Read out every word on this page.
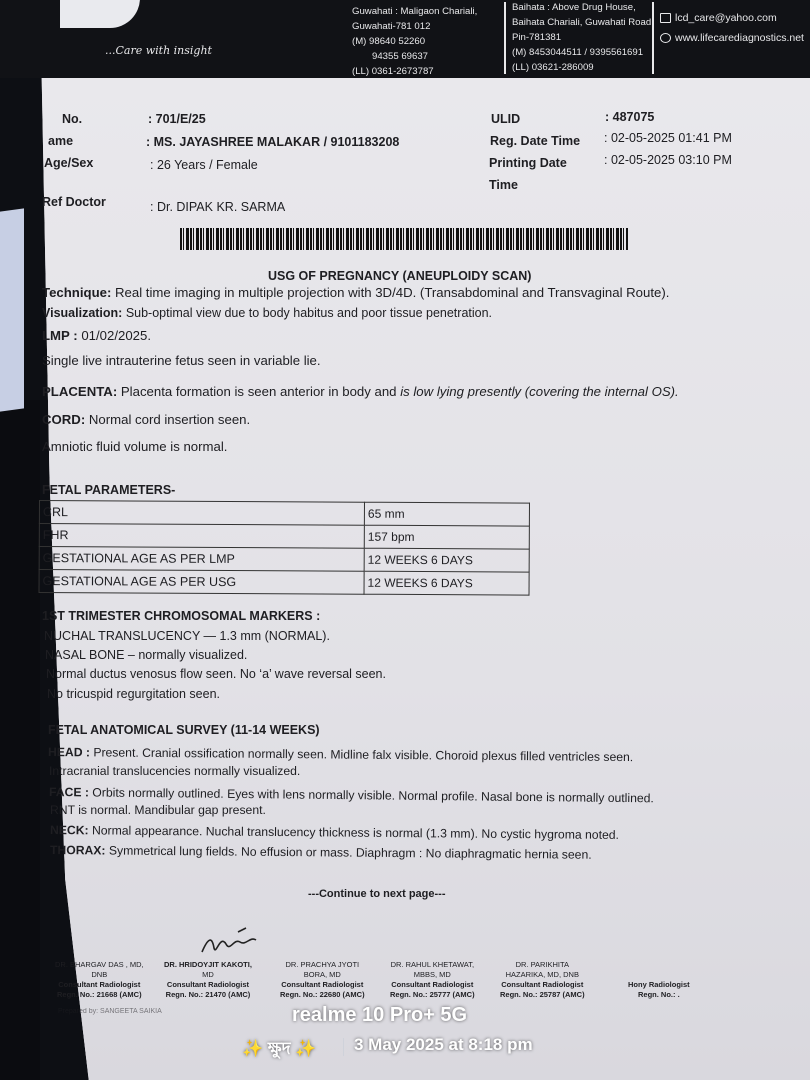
...Care with insight
Guwahati : Maligaon Chariali,
Guwahati-781 012
(M) 98640 52260
94355 69637
(LL) 0361-2673787
Baihata : Above Drug House,
Baihata Chariali, Guwahati Road
Pin-781381
(M) 8453044511 / 9395561691
(LL) 03621-286009
lcd_care@yahoo.com
www.lifecarediagnostics.net
No.	: 701/E/25
ame	: MS. JAYASHREE MALAKAR / 9101183208
Age/Sex	: 26 Years / Female
Ref Doctor	: Dr. DIPAK KR. SARMA
ULID	: 487075
Reg. Date Time : 02-05-2025 01:41 PM
Printing Date	: 02-05-2025 03:10 PM
Time
USG OF PREGNANCY (ANEUPLOIDY SCAN)
Technique: Real time imaging in multiple projection with 3D/4D. (Transabdominal and Transvaginal Route).
Visualization: Sub-optimal view due to body habitus and poor tissue penetration.
LMP : 01/02/2025.
Single live intrauterine fetus seen in variable lie.
PLACENTA: Placenta formation is seen anterior in body and is low lying presently (covering the internal OS).
CORD: Normal cord insertion seen.
Amniotic fluid volume is normal.
FETAL PARAMETERS-
CRL	65 mm
FHR	157 bpm
GESTATIONAL AGE AS PER LMP	12 WEEKS 6 DAYS
GESTATIONAL AGE AS PER USG	12 WEEKS 6 DAYS
1ST TRIMESTER CHROMOSOMAL MARKERS :
NUCHAL TRANSLUCENCY — 1.3 mm (NORMAL).
NASAL BONE – normally visualized.
Normal ductus venosus flow seen. No ‘a’ wave reversal seen.
No tricuspid regurgitation seen.
FETAL ANATOMICAL SURVEY (11-14 WEEKS)
HEAD : Present. Cranial ossification normally seen. Midline falx visible. Choroid plexus filled ventricles seen.
Intracranial translucencies normally visualized.
FACE : Orbits normally outlined. Eyes with lens normally visible. Normal profile. Nasal bone is normally outlined.
RNT is normal. Mandibular gap present.
NECK: Normal appearance. Nuchal translucency thickness is normal (1.3 mm). No cystic hygroma noted.
THORAX: Symmetrical lung fields. No effusion or mass. Diaphragm : No diaphragmatic hernia seen.
---Continue to next page---
DR. BHARGAV DAS , MD,
DNB
Consultant Radiologist
Regn. No.: 21668 (AMC)
DR. HRIDOYJIT KAKOTI,
MD
Consultant Radiologist
Regn. No.: 21470 (AMC)
DR. PRACHYA JYOTI
BORA, MD
Consultant Radiologist
Regn. No.: 22680 (AMC)
DR. RAHUL KHETAWAT,
MBBS, MD
Consultant Radiologist
Regn. No.: 25777 (AMC)
DR. PARIKHITA
HAZARIKA, MD, DNB
Consultant Radiologist
Regn. No.: 25787 (AMC)
Hony Radiologist
Regn. No.: .
Prepared by: SANGEETA SAIKIA	realme 10 Pro+ 5G
✨ ক্ষুদ ✨ 3 May 2025 at 8:18 pm
